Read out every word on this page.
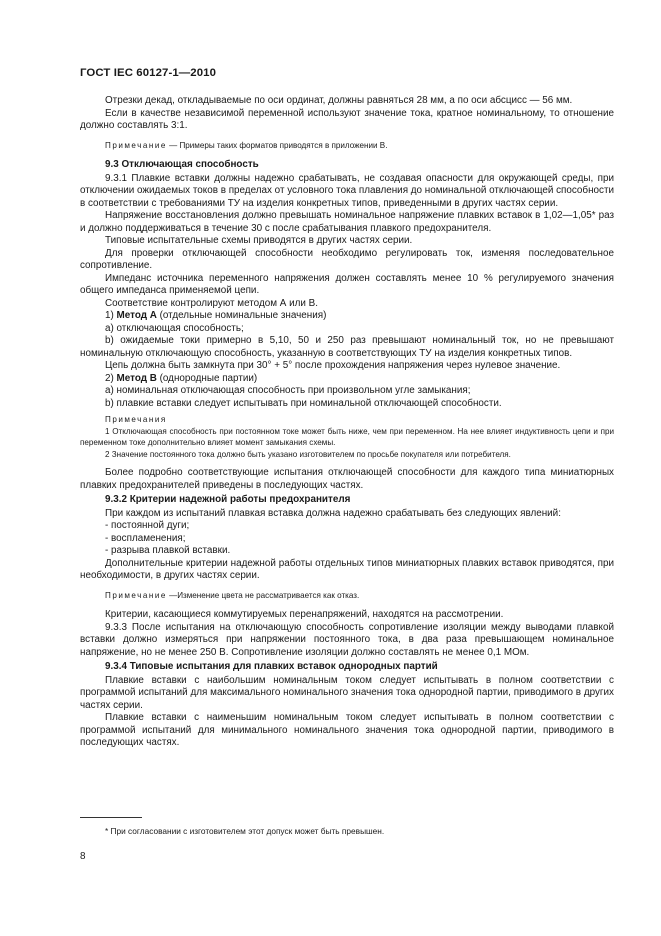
ГОСТ IEC 60127-1—2010

Отрезки декад, откладываемые по оси ординат, должны равняться 28 мм, а по оси абсцисс — 56 мм.

Если в качестве независимой переменной используют значение тока, кратное номинальному, то отношение должно составлять 3:1.

Примечание — Примеры таких форматов приводятся в приложении В.

9.3 Отключающая способность

9.3.1 Плавкие вставки должны надежно срабатывать, не создавая опасности для окружающей среды, при отключении ожидаемых токов в пределах от условного тока плавления до номинальной отключающей способности в соответствии с требованиями ТУ на изделия конкретных типов, приведенными в других частях серии.

Напряжение восстановления должно превышать номинальное напряжение плавких вставок в 1,02—1,05* раз и должно поддерживаться в течение 30 с после срабатывания плавкого предохранителя.

Типовые испытательные схемы приводятся в других частях серии.

Для проверки отключающей способности необходимо регулировать ток, изменяя последовательное сопротивление.

Импеданс источника переменного напряжения должен составлять менее 10 % регулируемого значения общего импеданса применяемой цепи.

Соответствие контролируют методом А или В.

1) Метод А (отдельные номинальные значения)

а) отключающая способность;

b) ожидаемые токи примерно в 5,10, 50 и 250 раз превышают номинальный ток, но не превышают номинальную отключающую способность, указанную в соответствующих ТУ на изделия конкретных типов.

Цепь должна быть замкнута при 30° + 5° после прохождения напряжения через нулевое значение.

2) Метод В (однородные партии)

а) номинальная отключающая способность при произвольном угле замыкания;

b) плавкие вставки следует испытывать при номинальной отключающей способности.

Примечания

1 Отключающая способность при постоянном токе может быть ниже, чем при переменном. На нее влияет индуктивность цепи и при переменном токе дополнительно влияет момент замыкания схемы.

2 Значение постоянного тока должно быть указано изготовителем по просьбе покупателя или потребителя.

Более подробно соответствующие испытания отключающей способности для каждого типа миниатюрных плавких предохранителей приведены в последующих частях.

9.3.2 Критерии надежной работы предохранителя

При каждом из испытаний плавкая вставка должна надежно срабатывать без следующих явлений:

- постоянной дуги;

- воспламенения;

- разрыва плавкой вставки.

Дополнительные критерии надежной работы отдельных типов миниатюрных плавких вставок приводятся, при необходимости, в других частях серии.

Примечание —Изменение цвета не рассматривается как отказ.

Критерии, касающиеся коммутируемых перенапряжений, находятся на рассмотрении.

9.3.3 После испытания на отключающую способность сопротивление изоляции между выводами плавкой вставки должно измеряться при напряжении постоянного тока, в два раза превышающем номинальное напряжение, но не менее 250 В. Сопротивление изоляции должно составлять не менее 0,1 МОм.

9.3.4 Типовые испытания для плавких вставок однородных партий

Плавкие вставки с наибольшим номинальным током следует испытывать в полном соответствии с программой испытаний для максимального номинального значения тока однородной партии, приводимого в других частях серии.

Плавкие вставки с наименьшим номинальным током следует испытывать в полном соответствии с программой испытаний для минимального номинального значения тока однородной партии, приводимого в последующих частях.

* При согласовании с изготовителем этот допуск может быть превышен.
8
